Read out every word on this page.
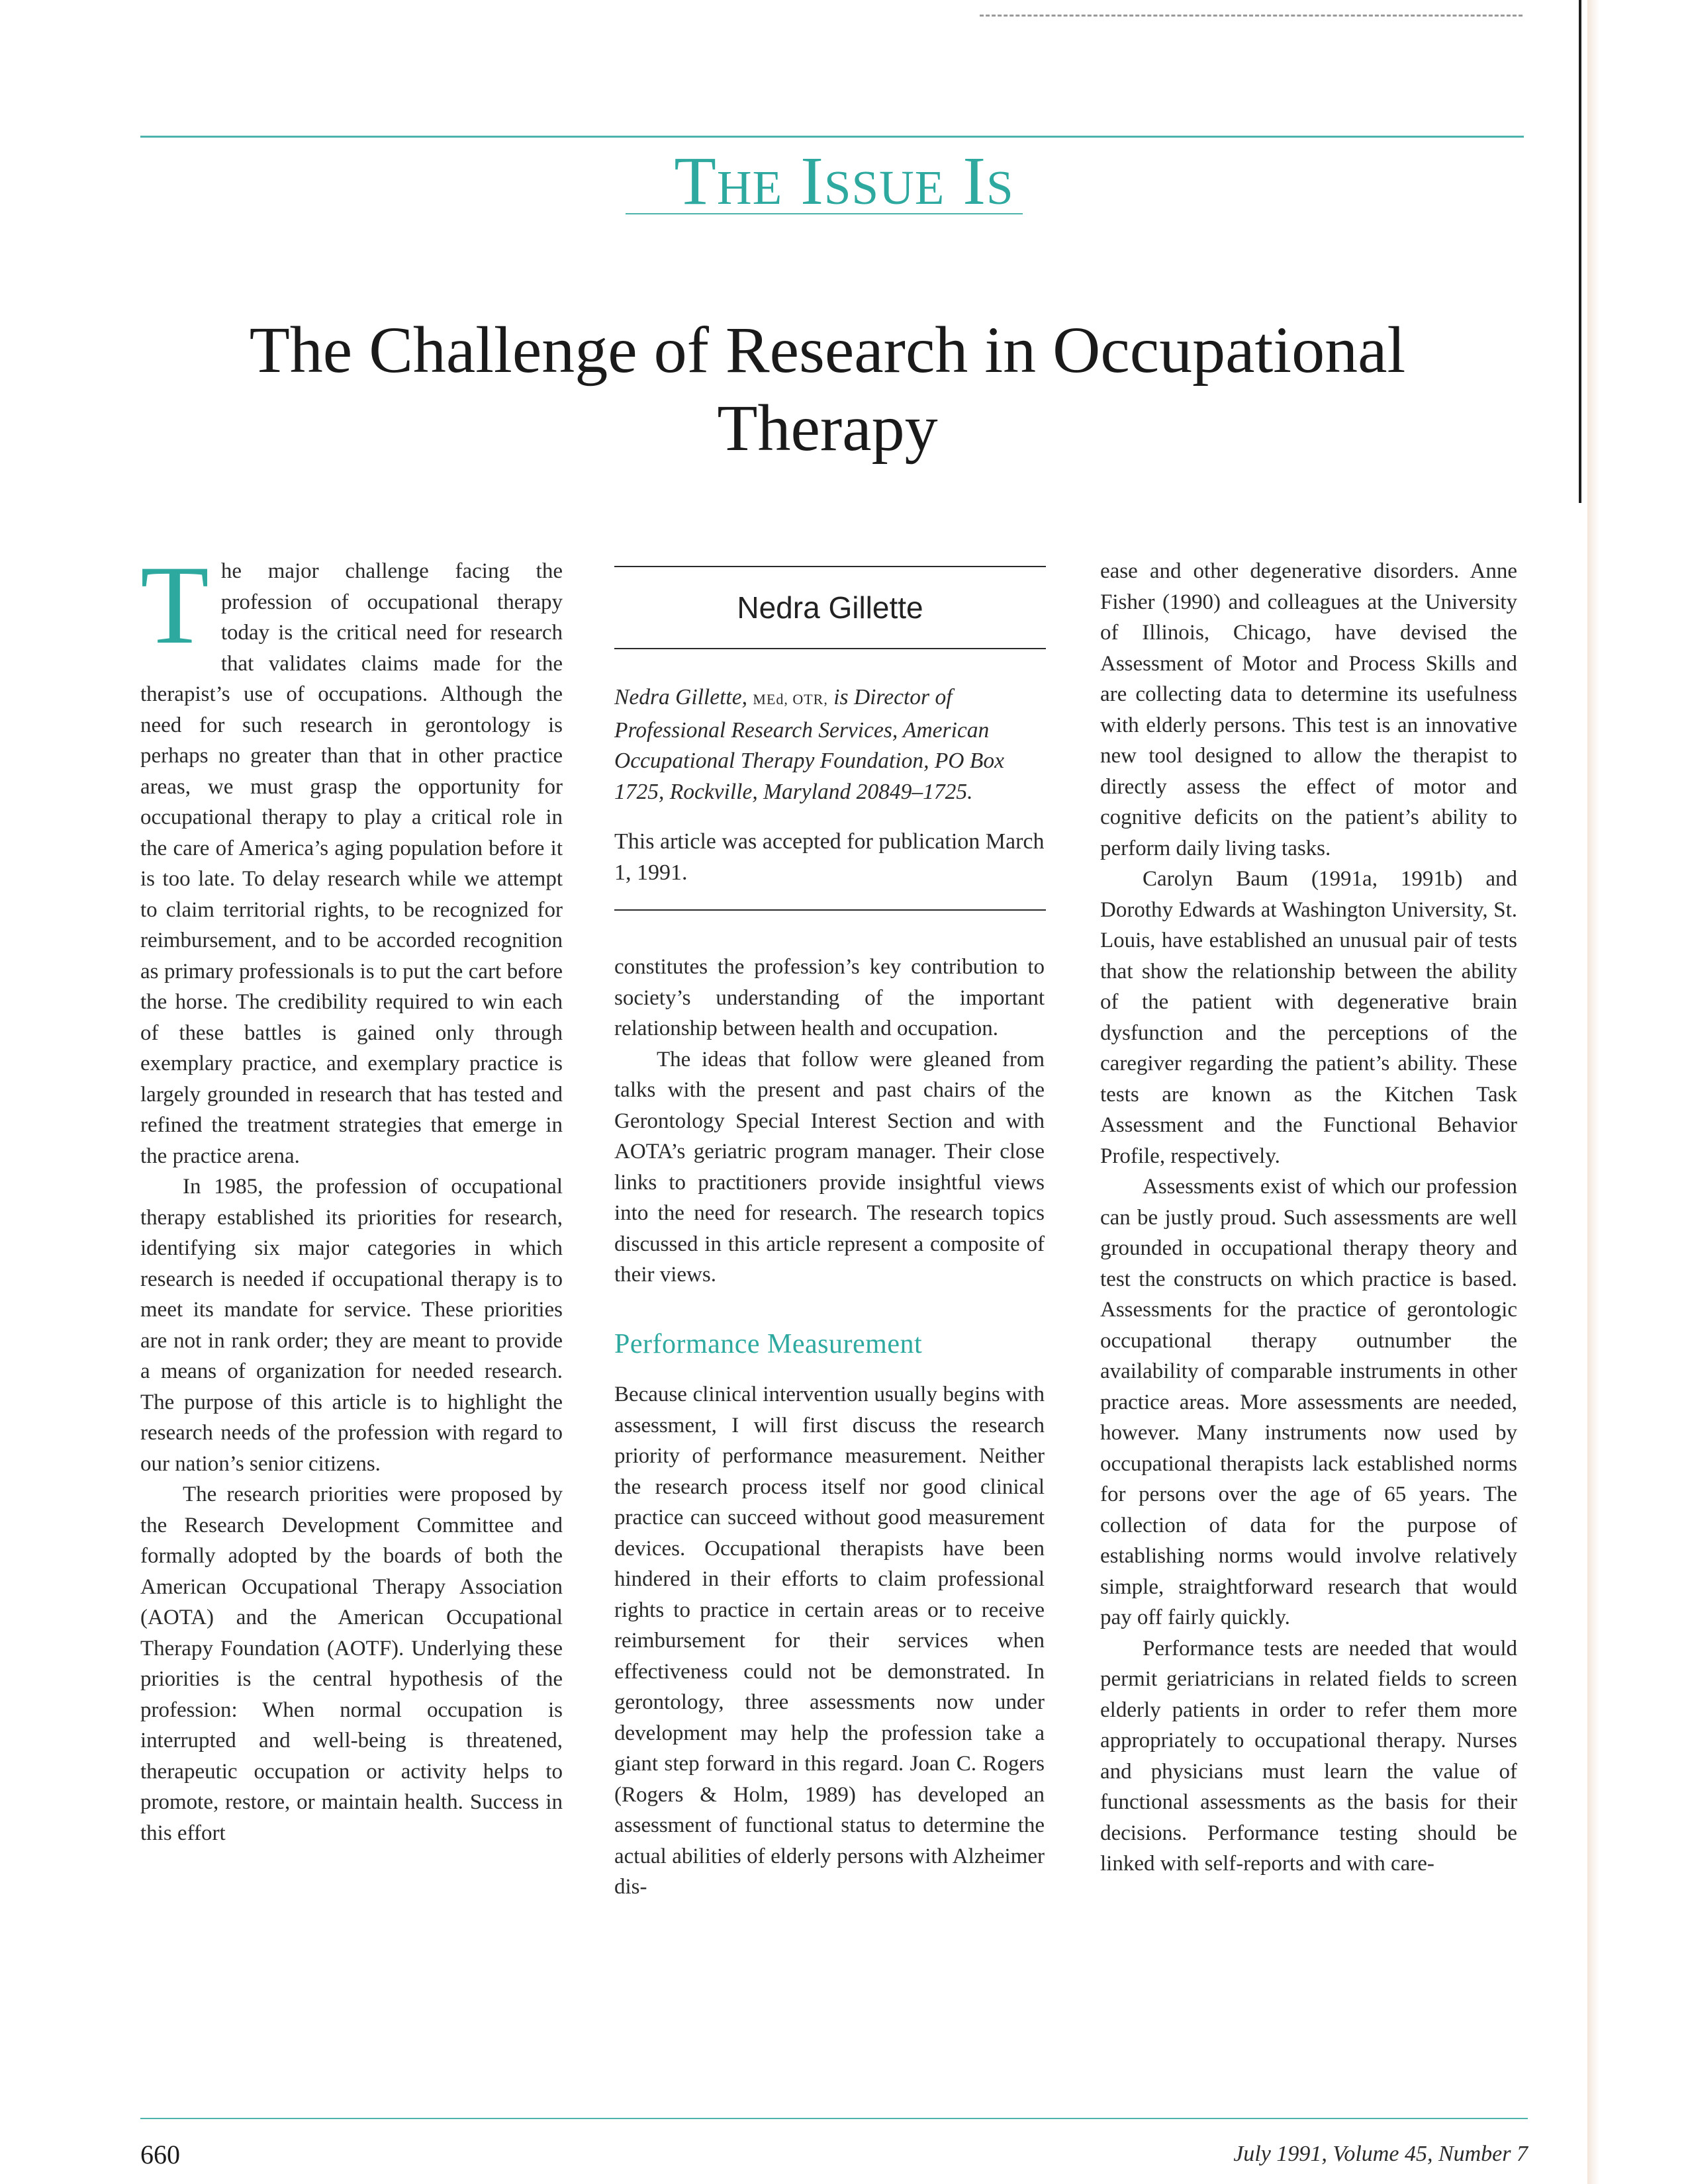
The Issue Is
The Challenge of Research in Occupational Therapy

The major challenge facing the profession of occupational therapy today is the critical need for research that validates claims made for the therapist’s use of occupations. Although the need for such research in gerontology is perhaps no greater than that in other practice areas, we must grasp the opportunity for occupational therapy to play a critical role in the care of America’s aging population before it is too late. To delay research while we attempt to claim territorial rights, to be recognized for reimbursement, and to be accorded recognition as primary professionals is to put the cart before the horse. The credibility required to win each of these battles is gained only through exemplary practice, and exemplary practice is largely grounded in research that has tested and refined the treatment strategies that emerge in the practice arena.

In 1985, the profession of occupational therapy established its priorities for research, identifying six major categories in which research is needed if occupational therapy is to meet its mandate for service. These priorities are not in rank order; they are meant to provide a means of organization for needed research. The purpose of this article is to highlight the research needs of the profession with regard to our nation’s senior citizens.

The research priorities were proposed by the Research Development Committee and formally adopted by the boards of both the American Occupational Therapy Association (AOTA) and the American Occupational Therapy Foundation (AOTF). Underlying these priorities is the central hypothesis of the profession: When normal occupation is interrupted and well-being is threatened, therapeutic occupation or activity helps to promote, restore, or maintain health. Success in this effort

Nedra Gillette
Nedra Gillette, MEd, OTR, is Director of Professional Research Services, American Occupational Therapy Foundation, PO Box 1725, Rockville, Maryland 20849–1725.
This article was accepted for publication March 1, 1991.

constitutes the profession’s key contribution to society’s understanding of the important relationship between health and occupation.

The ideas that follow were gleaned from talks with the present and past chairs of the Gerontology Special Interest Section and with AOTA’s geriatric program manager. Their close links to practitioners provide insightful views into the need for research. The research topics discussed in this article represent a composite of their views.

Performance Measurement

Because clinical intervention usually begins with assessment, I will first discuss the research priority of performance measurement. Neither the research process itself nor good clinical practice can succeed without good measurement devices. Occupational therapists have been hindered in their efforts to claim professional rights to practice in certain areas or to receive reimbursement for their services when effectiveness could not be demonstrated. In gerontology, three assessments now under development may help the profession take a giant step forward in this regard. Joan C. Rogers (Rogers & Holm, 1989) has developed an assessment of functional status to determine the actual abilities of elderly persons with Alzheimer dis-

ease and other degenerative disorders. Anne Fisher (1990) and colleagues at the University of Illinois, Chicago, have devised the Assessment of Motor and Process Skills and are collecting data to determine its usefulness with elderly persons. This test is an innovative new tool designed to allow the therapist to directly assess the effect of motor and cognitive deficits on the patient’s ability to perform daily living tasks.

Carolyn Baum (1991a, 1991b) and Dorothy Edwards at Washington University, St. Louis, have established an unusual pair of tests that show the relationship between the ability of the patient with degenerative brain dysfunction and the perceptions of the caregiver regarding the patient’s ability. These tests are known as the Kitchen Task Assessment and the Functional Behavior Profile, respectively.

Assessments exist of which our profession can be justly proud. Such assessments are well grounded in occupational therapy theory and test the constructs on which practice is based. Assessments for the practice of gerontologic occupational therapy outnumber the availability of comparable instruments in other practice areas. More assessments are needed, however. Many instruments now used by occupational therapists lack established norms for persons over the age of 65 years. The collection of data for the purpose of establishing norms would involve relatively simple, straightforward research that would pay off fairly quickly.

Performance tests are needed that would permit geriatricians in related fields to screen elderly patients in order to refer them more appropriately to occupational therapy. Nurses and physicians must learn the value of functional assessments as the basis for their decisions. Performance testing should be linked with self-reports and with care-

660	July 1991, Volume 45, Number 7
